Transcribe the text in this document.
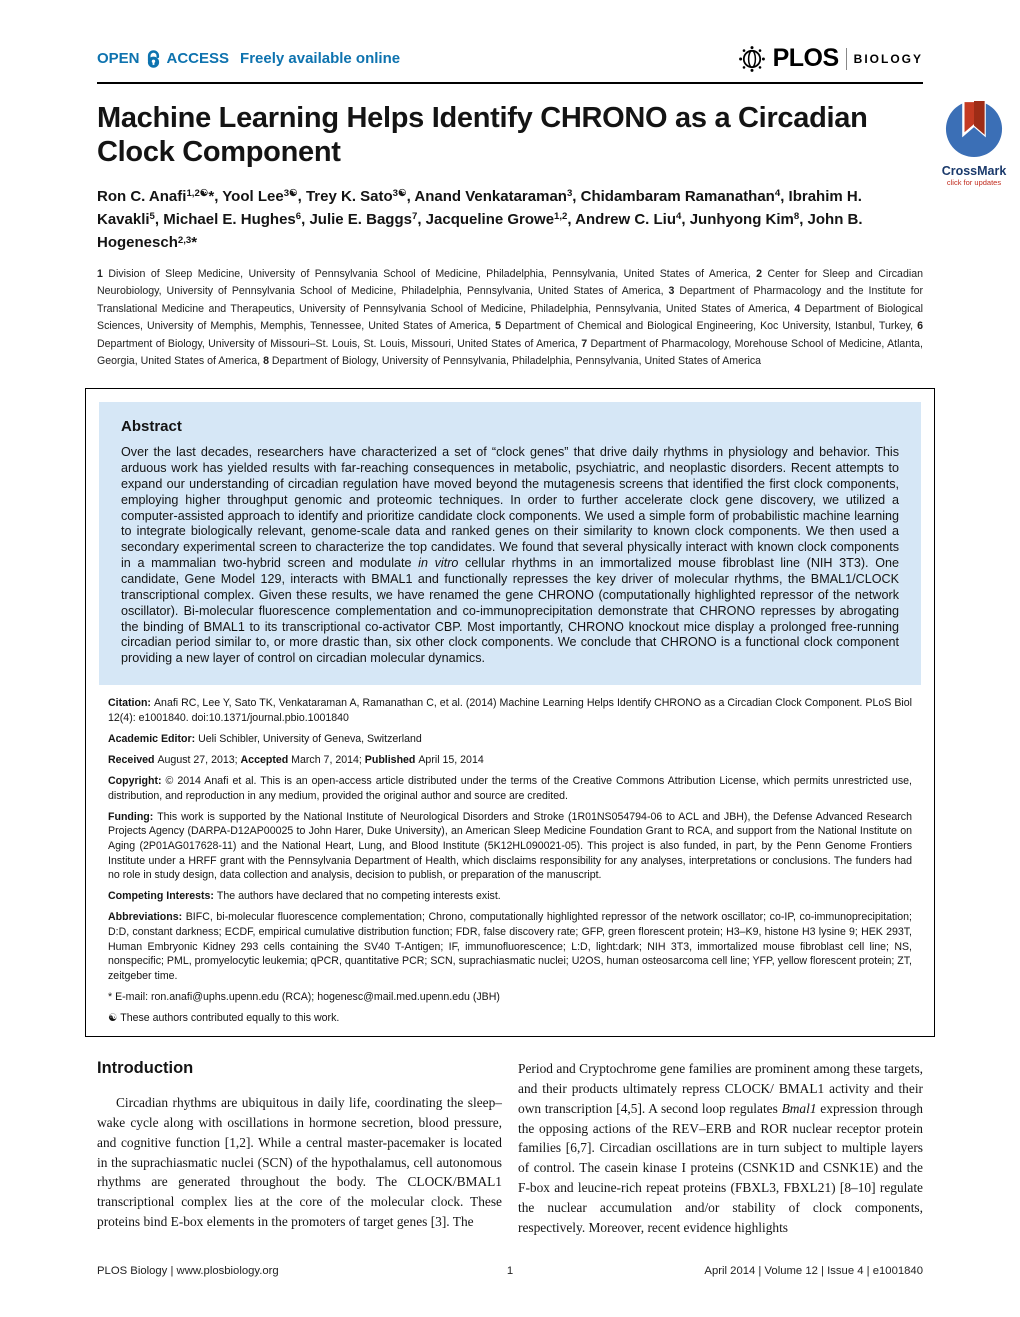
OPEN ACCESS Freely available online	PLOS BIOLOGY
Machine Learning Helps Identify CHRONO as a Circadian Clock Component
CrossMark
click for updates
Ron C. Anafi$^{1,2☯}$*, Yool Lee$^{3☯}$, Trey K. Sato$^{3☯}$, Anand Venkataraman$^3$, Chidambaram Ramanathan$^4$, Ibrahim H. Kavakli$^5$, Michael E. Hughes$^6$, Julie E. Baggs$^7$, Jacqueline Growe$^{1,2}$, Andrew C. Liu$^4$, Junhyong Kim$^8$, John B. Hogenesch$^{2,3}$*
1 Division of Sleep Medicine, University of Pennsylvania School of Medicine, Philadelphia, Pennsylvania, United States of America, 2 Center for Sleep and Circadian Neurobiology, University of Pennsylvania School of Medicine, Philadelphia, Pennsylvania, United States of America, 3 Department of Pharmacology and the Institute for Translational Medicine and Therapeutics, University of Pennsylvania School of Medicine, Philadelphia, Pennsylvania, United States of America, 4 Department of Biological Sciences, University of Memphis, Memphis, Tennessee, United States of America, 5 Department of Chemical and Biological Engineering, Koc University, Istanbul, Turkey, 6 Department of Biology, University of Missouri–St. Louis, St. Louis, Missouri, United States of America, 7 Department of Pharmacology, Morehouse School of Medicine, Atlanta, Georgia, United States of America, 8 Department of Biology, University of Pennsylvania, Philadelphia, Pennsylvania, United States of America
Abstract

Over the last decades, researchers have characterized a set of “clock genes” that drive daily rhythms in physiology and behavior. This arduous work has yielded results with far-reaching consequences in metabolic, psychiatric, and neoplastic disorders. Recent attempts to expand our understanding of circadian regulation have moved beyond the mutagenesis screens that identified the first clock components, employing higher throughput genomic and proteomic techniques. In order to further accelerate clock gene discovery, we utilized a computer-assisted approach to identify and prioritize candidate clock components. We used a simple form of probabilistic machine learning to integrate biologically relevant, genome-scale data and ranked genes on their similarity to known clock components. We then used a secondary experimental screen to characterize the top candidates. We found that several physically interact with known clock components in a mammalian two-hybrid screen and modulate in vitro cellular rhythms in an immortalized mouse fibroblast line (NIH 3T3). One candidate, Gene Model 129, interacts with BMAL1 and functionally represses the key driver of molecular rhythms, the BMAL1/CLOCK transcriptional complex. Given these results, we have renamed the gene CHRONO (computationally highlighted repressor of the network oscillator). Bi-molecular fluorescence complementation and co-immunoprecipitation demonstrate that CHRONO represses by abrogating the binding of BMAL1 to its transcriptional co-activator CBP. Most importantly, CHRONO knockout mice display a prolonged free-running circadian period similar to, or more drastic than, six other clock components. We conclude that CHRONO is a functional clock component providing a new layer of control on circadian molecular dynamics.

Citation: Anafi RC, Lee Y, Sato TK, Venkataraman A, Ramanathan C, et al. (2014) Machine Learning Helps Identify CHRONO as a Circadian Clock Component. PLoS Biol 12(4): e1001840. doi:10.1371/journal.pbio.1001840

Academic Editor: Ueli Schibler, University of Geneva, Switzerland

Received August 27, 2013; Accepted March 7, 2014; Published April 15, 2014

Copyright: © 2014 Anafi et al. This is an open-access article distributed under the terms of the Creative Commons Attribution License, which permits unrestricted use, distribution, and reproduction in any medium, provided the original author and source are credited.

Funding: This work is supported by the National Institute of Neurological Disorders and Stroke (1R01NS054794-06 to ACL and JBH), the Defense Advanced Research Projects Agency (DARPA-D12AP00025 to John Harer, Duke University), an American Sleep Medicine Foundation Grant to RCA, and support from the National Institute on Aging (2P01AG017628-11) and the National Heart, Lung, and Blood Institute (5K12HL090021-05). This project is also funded, in part, by the Penn Genome Frontiers Institute under a HRFF grant with the Pennsylvania Department of Health, which disclaims responsibility for any analyses, interpretations or conclusions. The funders had no role in study design, data collection and analysis, decision to publish, or preparation of the manuscript.

Competing Interests: The authors have declared that no competing interests exist.

Abbreviations: BIFC, bi-molecular fluorescence complementation; Chrono, computationally highlighted repressor of the network oscillator; co-IP, co-immunoprecipitation; D:D, constant darkness; ECDF, empirical cumulative distribution function; FDR, false discovery rate; GFP, green florescent protein; H3–K9, histone H3 lysine 9; HEK 293T, Human Embryonic Kidney 293 cells containing the SV40 T-Antigen; IF, immunofluorescence; L:D, light:dark; NIH 3T3, immortalized mouse fibroblast cell line; NS, nonspecific; PML, promyelocytic leukemia; qPCR, quantitative PCR; SCN, suprachiasmatic nuclei; U2OS, human osteosarcoma cell line; YFP, yellow florescent protein; ZT, zeitgeber time.

* E-mail: ron.anafi@uphs.upenn.edu (RCA); hogenesc@mail.med.upenn.edu (JBH)

☯ These authors contributed equally to this work.

Introduction

Circadian rhythms are ubiquitous in daily life, coordinating the sleep–wake cycle along with oscillations in hormone secretion, blood pressure, and cognitive function [1,2]. While a central master-pacemaker is located in the suprachiasmatic nuclei (SCN) of the hypothalamus, cell autonomous rhythms are generated throughout the body. The CLOCK/BMAL1 transcriptional complex lies at the core of the molecular clock. These proteins bind E-box elements in the promoters of target genes [3]. The

Period and Cryptochrome gene families are prominent among these targets, and their products ultimately repress CLOCK/ BMAL1 activity and their own transcription [4,5]. A second loop regulates Bmal1 expression through the opposing actions of the REV–ERB and ROR nuclear receptor protein families [6,7]. Circadian oscillations are in turn subject to multiple layers of control. The casein kinase I proteins (CSNK1D and CSNK1E) and the F-box and leucine-rich repeat proteins (FBXL3, FBXL21) [8–10] regulate the nuclear accumulation and/or stability of clock components, respectively. Moreover, recent evidence highlights

PLOS Biology | www.plosbiology.org	1	April 2014 | Volume 12 | Issue 4 | e1001840
